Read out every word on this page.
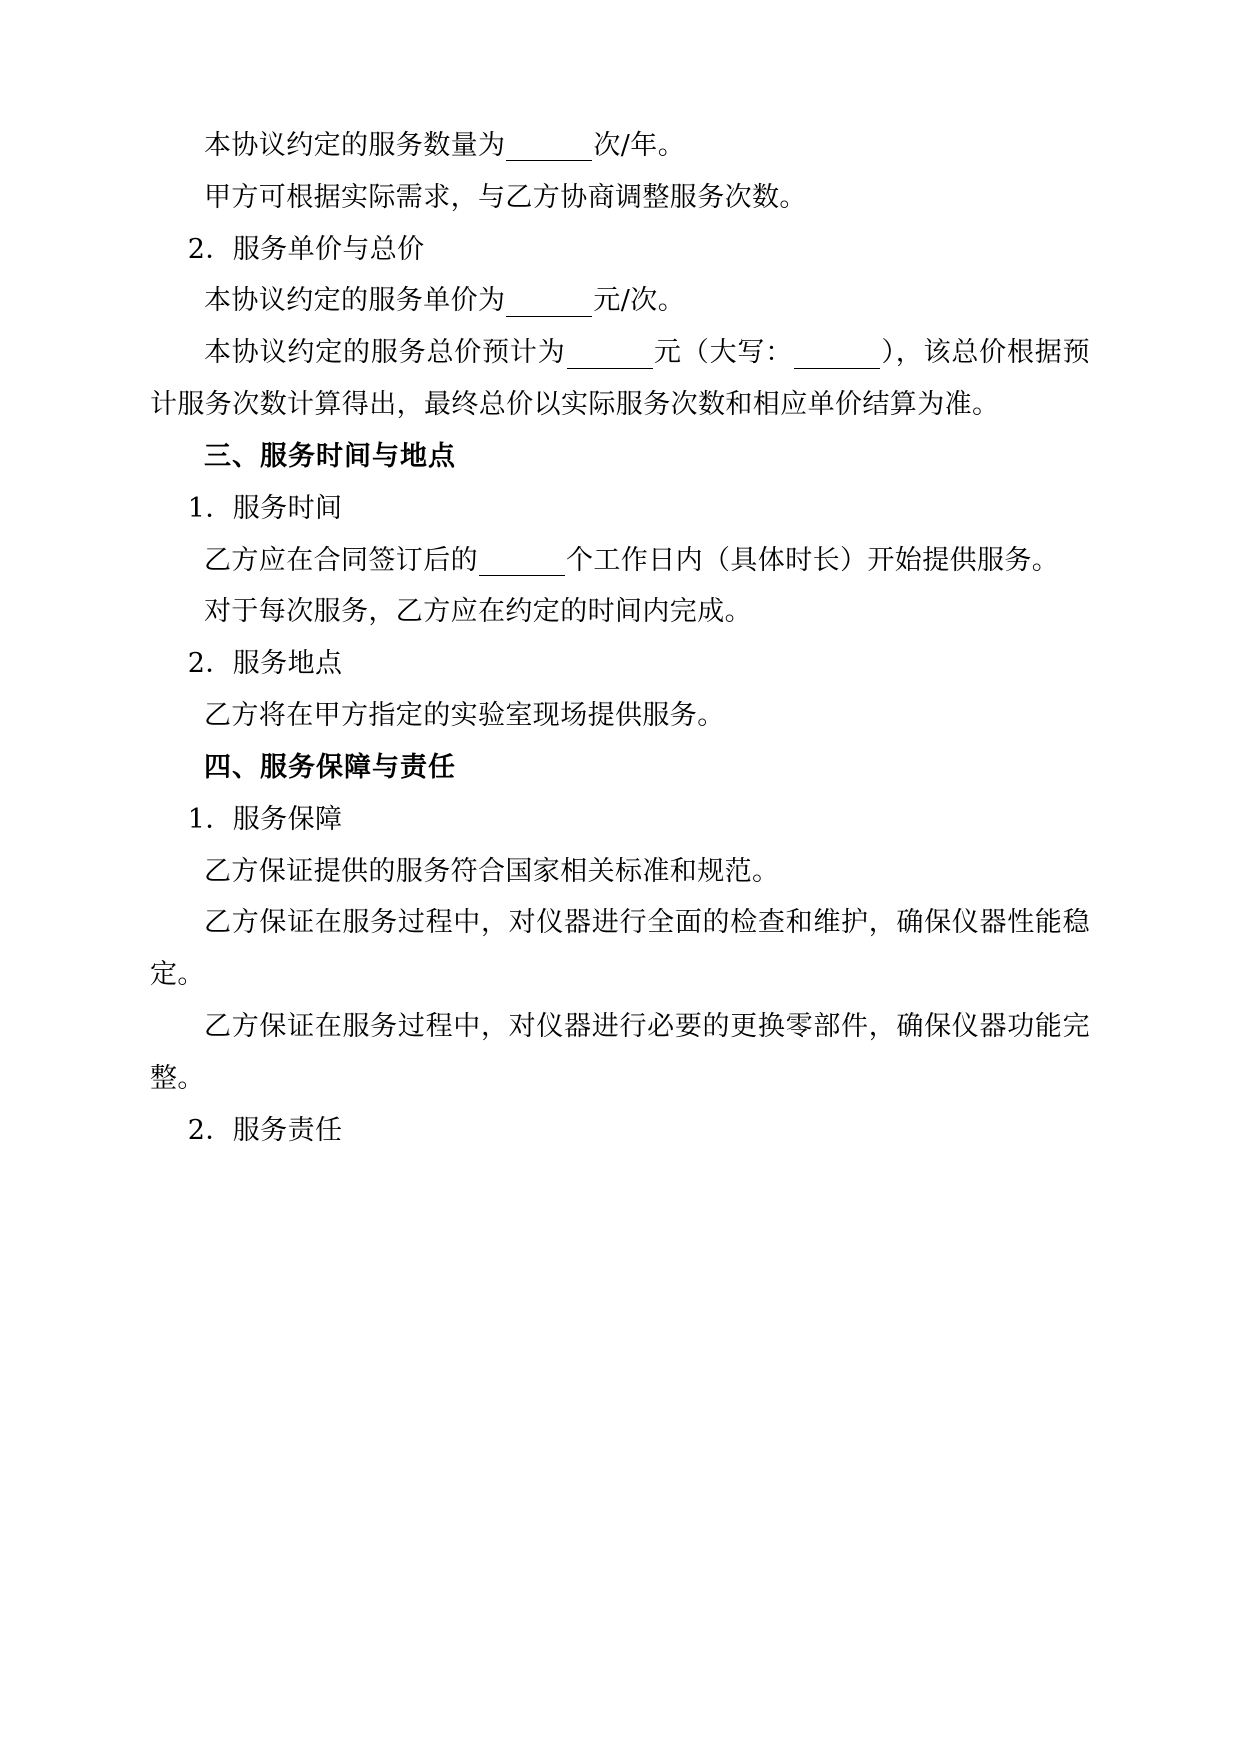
本协议约定的服务数量为	次/年。

甲方可根据实际需求，与乙方协商调整服务次数。

2．服务单价与总价

本协议约定的服务单价为	元/次。

本协议约定的服务总价预计为	元（大写：	），该总价根据预计服务次数计算得出，最终总价以实际服务次数和相应单价结算为准。

三、服务时间与地点

1．服务时间

乙方应在合同签订后的	个工作日内（具体时长）开始提供服务。

对于每次服务，乙方应在约定的时间内完成。

2．服务地点

乙方将在甲方指定的实验室现场提供服务。

四、服务保障与责任

1．服务保障

乙方保证提供的服务符合国家相关标准和规范。

乙方保证在服务过程中，对仪器进行全面的检查和维护，确保仪器性能稳定。

乙方保证在服务过程中，对仪器进行必要的更换零部件，确保仪器功能完整。

2．服务责任
